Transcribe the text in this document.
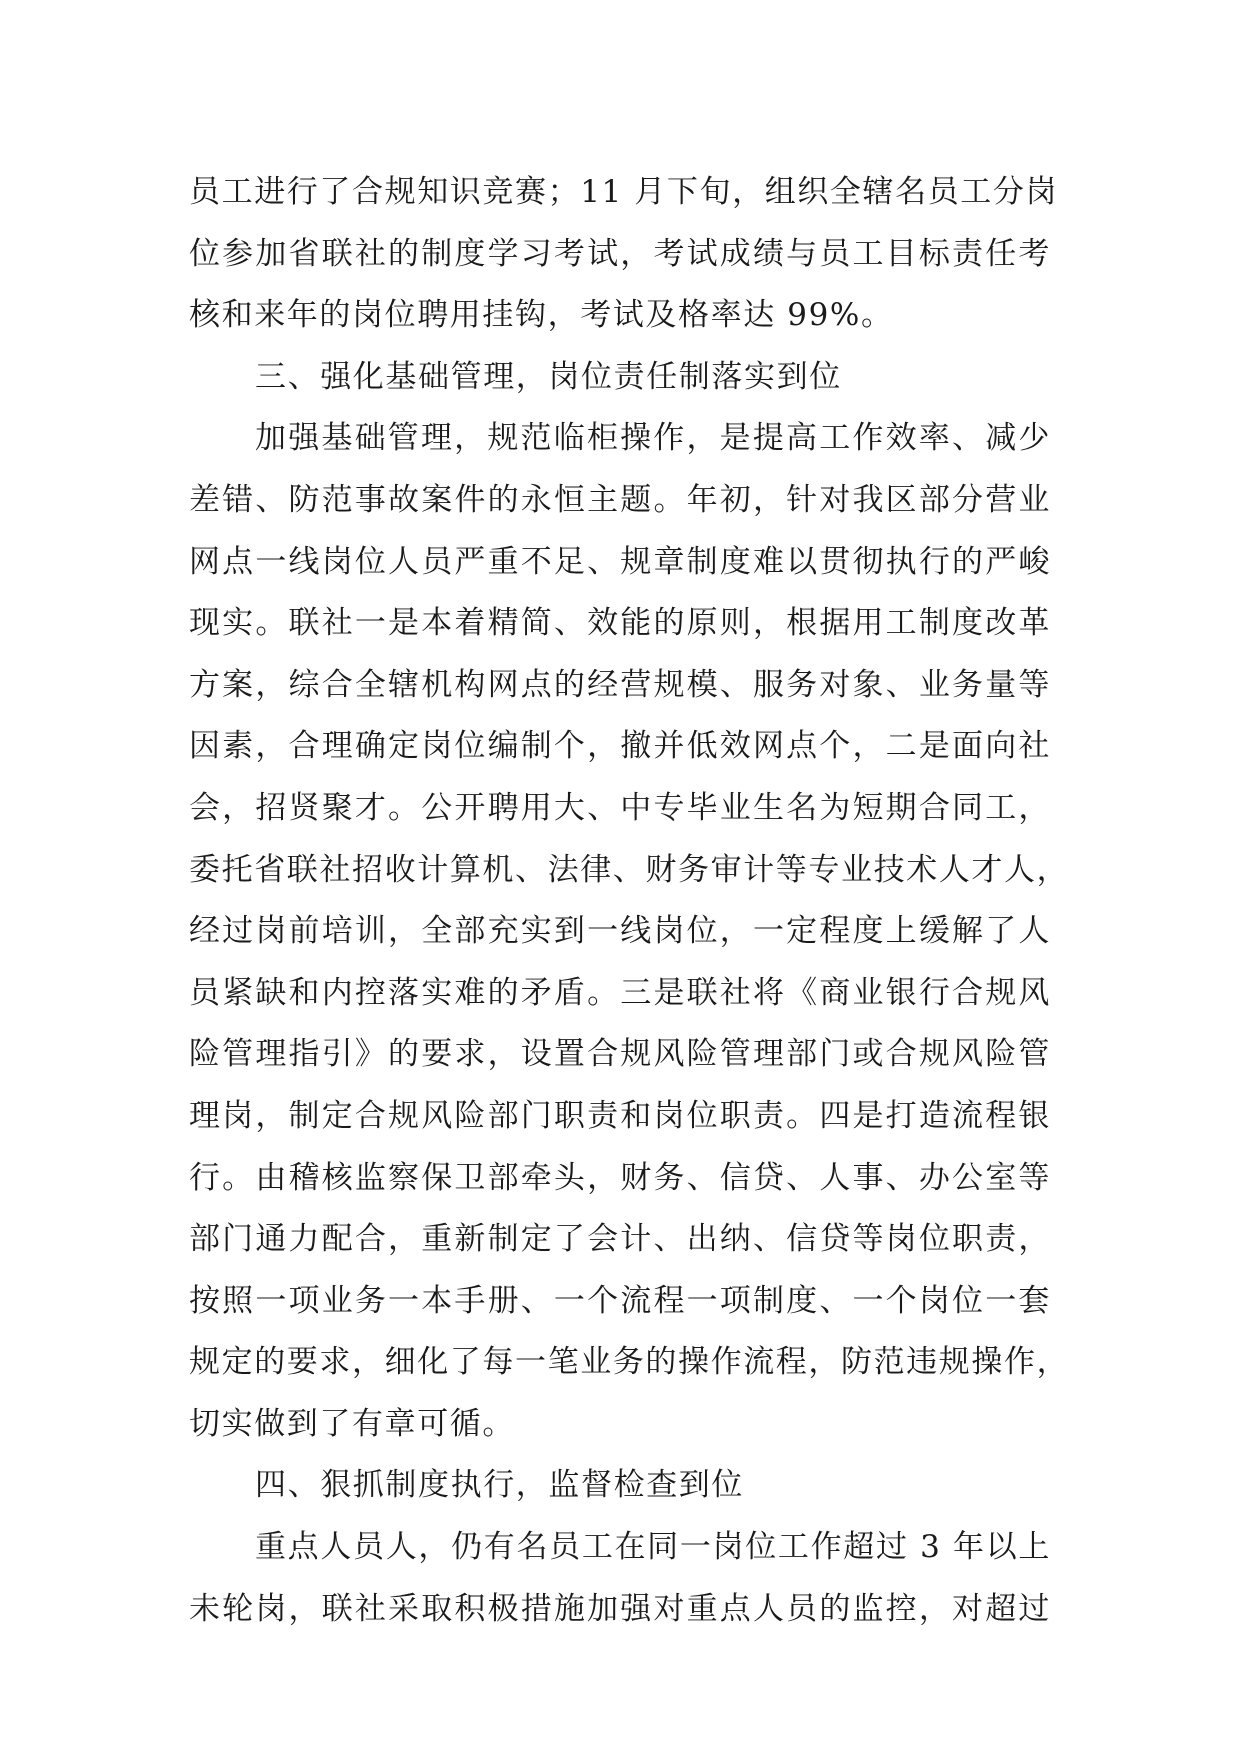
员工进行了合规知识竞赛；11 月下旬，组织全辖名员工分岗
位参加省联社的制度学习考试，考试成绩与员工目标责任考
核和来年的岗位聘用挂钩，考试及格率达 99%。
三、强化基础管理，岗位责任制落实到位
加强基础管理，规范临柜操作，是提高工作效率、减少
差错、防范事故案件的永恒主题。年初，针对我区部分营业
网点一线岗位人员严重不足、规章制度难以贯彻执行的严峻
现实。联社一是本着精简、效能的原则，根据用工制度改革
方案，综合全辖机构网点的经营规模、服务对象、业务量等
因素，合理确定岗位编制个，撤并低效网点个，二是面向社
会，招贤聚才。公开聘用大、中专毕业生名为短期合同工，
委托省联社招收计算机、法律、财务审计等专业技术人才人，
经过岗前培训，全部充实到一线岗位，一定程度上缓解了人
员紧缺和内控落实难的矛盾。三是联社将《商业银行合规风
险管理指引》的要求，设置合规风险管理部门或合规风险管
理岗，制定合规风险部门职责和岗位职责。四是打造流程银
行。由稽核监察保卫部牵头，财务、信贷、人事、办公室等
部门通力配合，重新制定了会计、出纳、信贷等岗位职责，
按照一项业务一本手册、一个流程一项制度、一个岗位一套
规定的要求，细化了每一笔业务的操作流程，防范违规操作，
切实做到了有章可循。
四、狠抓制度执行，监督检查到位
重点人员人，仍有名员工在同一岗位工作超过 3 年以上
未轮岗，联社采取积极措施加强对重点人员的监控，对超过
